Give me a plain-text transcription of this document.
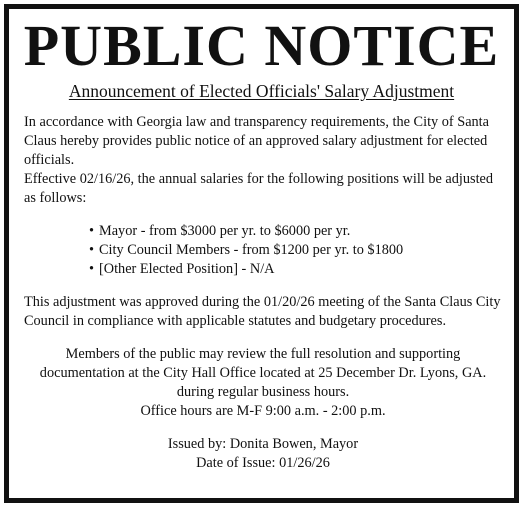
PUBLIC NOTICE
Announcement of Elected Officials' Salary Adjustment

In accordance with Georgia law and transparency requirements, the City of Santa Claus hereby provides public notice of an approved salary adjustment for elected officials.

Effective 02/16/26, the annual salaries for the following positions will be adjusted as follows:

• Mayor - from $3000 per yr. to $6000 per yr.
• City Council Members - from $1200 per yr. to $1800
• [Other Elected Position] - N/A

This adjustment was approved during the 01/20/26 meeting of the Santa Claus City Council in compliance with applicable statutes and budgetary procedures.

Members of the public may review the full resolution and supporting

documentation at the City Hall Office located at 25 December Dr. Lyons, GA.

during regular business hours.

Office hours are M-F 9:00 a.m. - 2:00 p.m.

Issued by: Donita Bowen, Mayor

Date of Issue: 01/26/26
